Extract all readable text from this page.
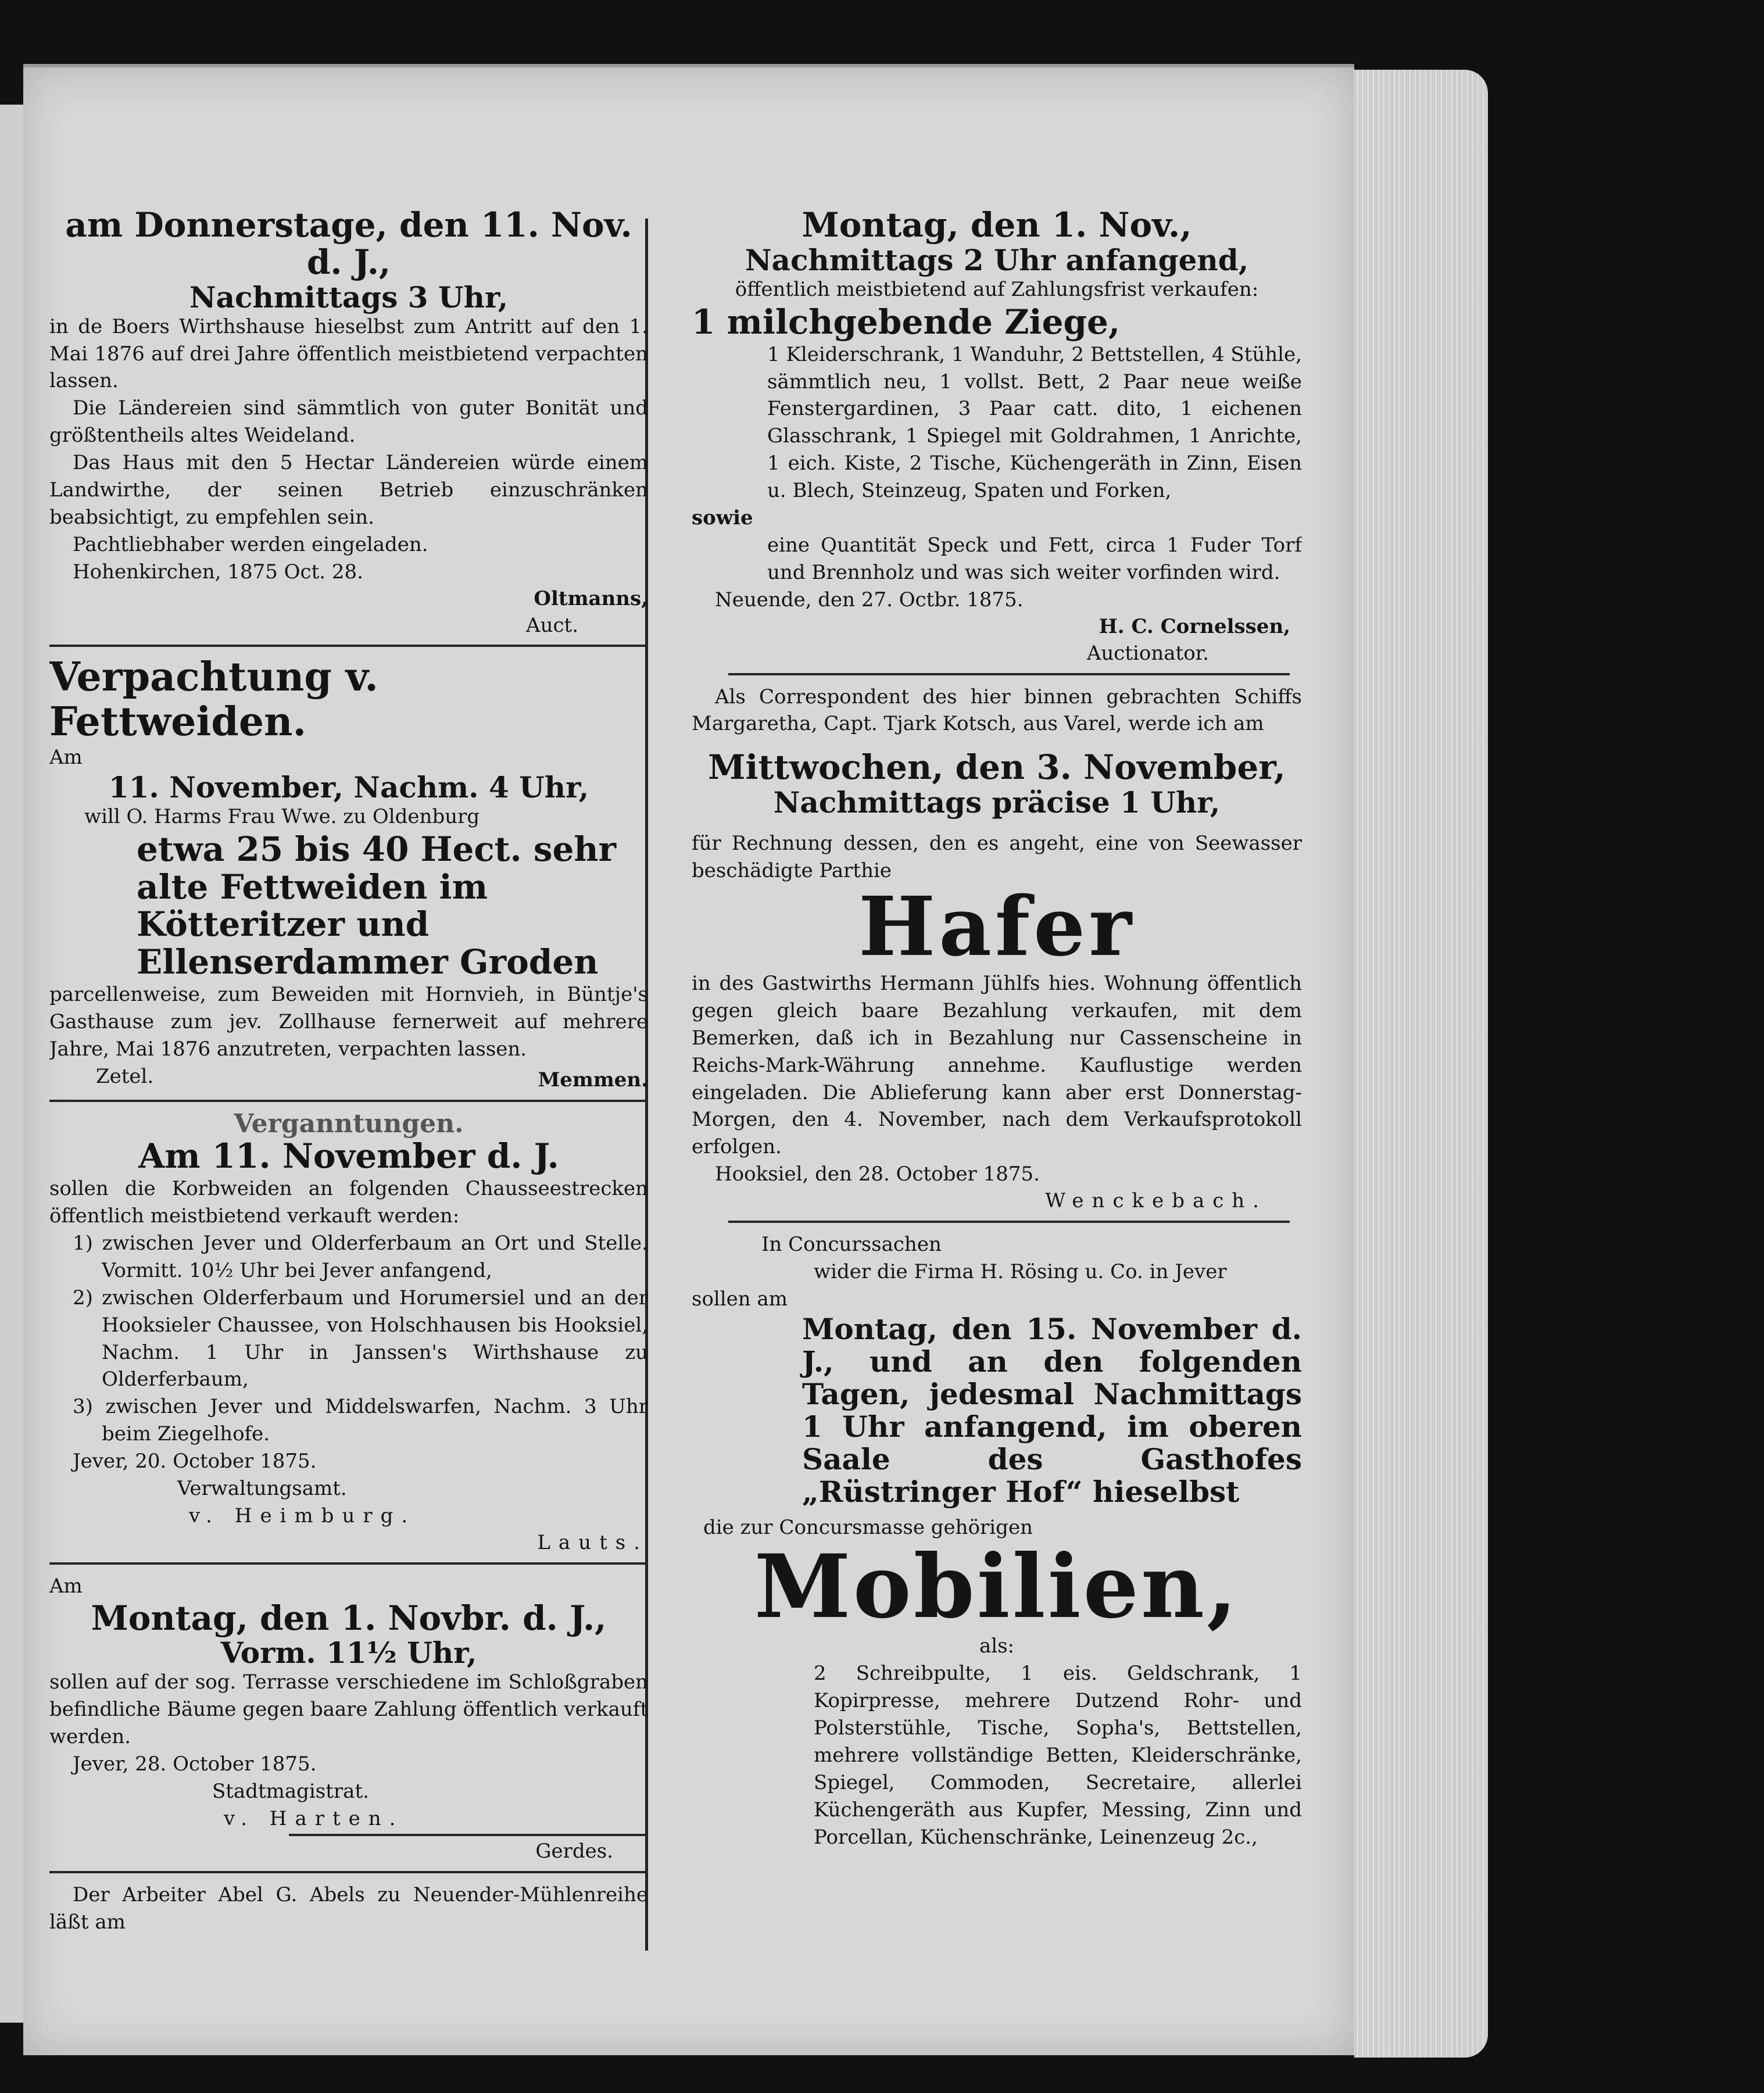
am Donnerstage, den 11. Nov. d. J.,
Nachmittags 3 Uhr,

in de Boers Wirthshause hieselbst zum Antritt auf den 1. Mai 1876 auf drei Jahre öffentlich meistbietend verpachten lassen.

Die Ländereien sind sämmtlich von guter Bonität und größtentheils altes Weideland.

Das Haus mit den 5 Hectar Ländereien würde einem Landwirthe, der seinen Betrieb einzuschränken beabsichtigt, zu empfehlen sein.

Pachtliebhaber werden eingeladen.

Hohenkirchen, 1875 Oct. 28.

Oltmanns,
Auct.
Verpachtung v. Fettweiden.
Am
11. November, Nachm. 4 Uhr,

will O. Harms Frau Wwe. zu Oldenburg

etwa 25 bis 40 Hect. sehr alte Fettweiden im Kötteritzer und Ellenserdammer Groden

parcellenweise, zum Beweiden mit Hornvieh, in Büntje's Gasthause zum jev. Zollhause fernerweit auf mehrere Jahre, Mai 1876 anzutreten, verpachten lassen.

Zetel.	Memmen.
Verganntungen.
Am 11. November d. J.

sollen die Korbweiden an folgenden Chausseestrecken öffentlich meistbietend verkauft werden:

1) zwischen Jever und Olderferbaum an Ort und Stelle. Vormitt. 10½ Uhr bei Jever anfangend,
2) zwischen Olderferbaum und Horumersiel und an der Hooksieler Chaussee, von Holschhausen bis Hooksiel, Nachm. 1 Uhr in Janssen's Wirthshause zu Olderferbaum,
3) zwischen Jever und Middelswarfen, Nachm. 3 Uhr beim Ziegelhofe.

Jever, 20. October 1875.

Verwaltungsamt.

v. Heimburg.

Lauts.
Am
Montag, den 1. Novbr. d. J.,
Vorm. 11½ Uhr,

sollen auf der sog. Terrasse verschiedene im Schloßgraben befindliche Bäume gegen baare Zahlung öffentlich verkauft werden.

Jever, 28. October 1875.

Stadtmagistrat.

v. Harten.

Gerdes.

Der Arbeiter Abel G. Abels zu Neuender-Mühlenreihe läßt am

Montag, den 1. Nov.,
Nachmittags 2 Uhr anfangend,

öffentlich meistbietend auf Zahlungsfrist verkaufen:

1 milchgebende Ziege,

1 Kleiderschrank, 1 Wanduhr, 2 Bettstellen, 4 Stühle, sämmtlich neu, 1 vollst. Bett, 2 Paar neue weiße Fenstergardinen, 3 Paar catt. dito, 1 eichenen Glasschrank, 1 Spiegel mit Goldrahmen, 1 Anrichte, 1 eich. Kiste, 2 Tische, Küchengeräth in Zinn, Eisen u. Blech, Steinzeug, Spaten und Forken,

sowie

eine Quantität Speck und Fett, circa 1 Fuder Torf und Brennholz und was sich weiter vorfinden wird.

Neuende, den 27. Octbr. 1875.

H. C. Cornelssen,
Auctionator.

Als Correspondent des hier binnen gebrachten Schiffs Margaretha, Capt. Tjark Kotsch, aus Varel, werde ich am

Mittwochen, den 3. November,
Nachmittags präcise 1 Uhr,

für Rechnung dessen, den es angeht, eine von Seewasser beschädigte Parthie

Hafer

in des Gastwirths Hermann Jühlfs hies. Wohnung öffentlich gegen gleich baare Bezahlung verkaufen, mit dem Bemerken, daß ich in Bezahlung nur Cassenscheine in Reichs-Mark-Währung annehme. Kauflustige werden eingeladen. Die Ablieferung kann aber erst Donnerstag-Morgen, den 4. November, nach dem Verkaufsprotokoll erfolgen.

Hooksiel, den 28. October 1875.

Wenckebach.

In Concurssachen

wider die Firma H. Rösing u. Co. in Jever

sollen am

Montag, den 15. November d. J., und an den folgenden Tagen, jedesmal Nachmittags 1 Uhr anfangend, im oberen Saale des Gasthofes „Rüstringer Hof“ hieselbst

die zur Concursmasse gehörigen

Mobilien,

als:

2 Schreibpulte, 1 eis. Geldschrank, 1 Kopirpresse, mehrere Dutzend Rohr- und Polsterstühle, Tische, Sopha's, Bettstellen, mehrere vollständige Betten, Kleiderschränke, Spiegel, Commoden, Secretaire, allerlei Küchengeräth aus Kupfer, Messing, Zinn und Porcellan, Küchenschränke, Leinenzeug 2c.,
